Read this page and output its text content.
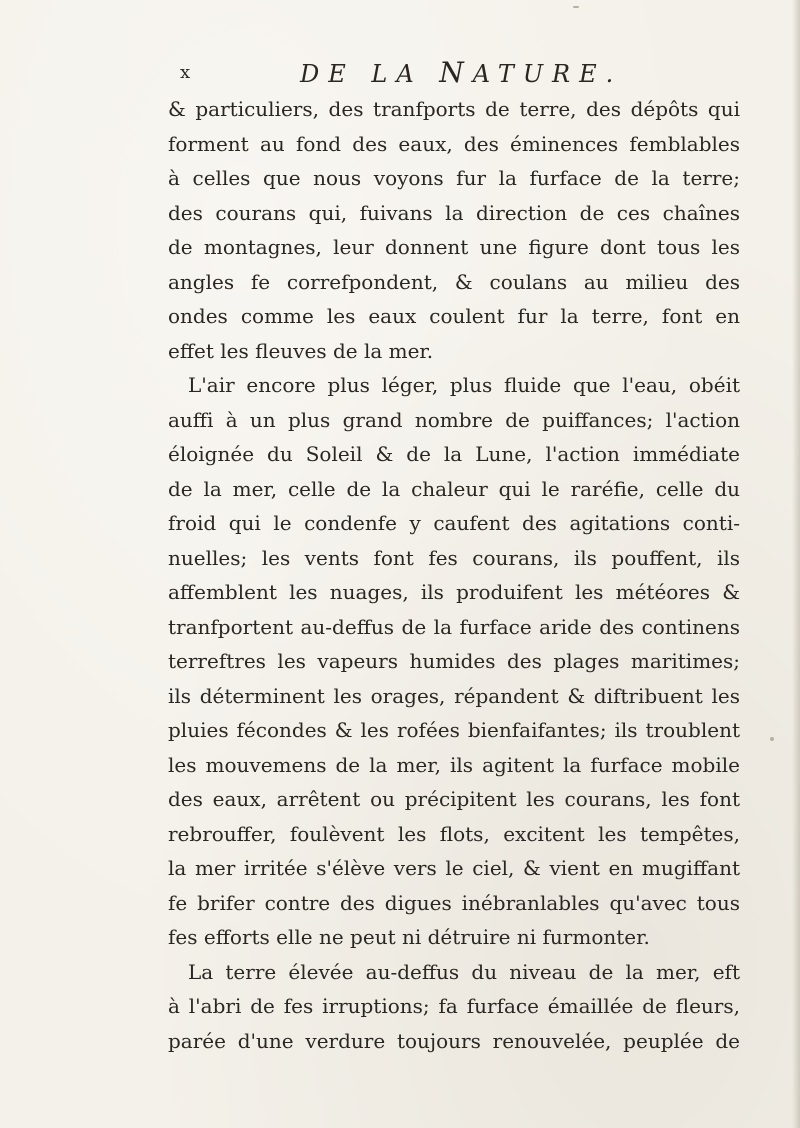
x	DE LA NATURE.
& particuliers, des tranfports de terre, des dépôts qui
forment au fond des eaux, des éminences femblables
à celles que nous voyons fur la furface de la terre;
des courans qui, fuivans la direction de ces chaînes
de montagnes, leur donnent une figure dont tous les
angles fe correfpondent, & coulans au milieu des
ondes comme les eaux coulent fur la terre, font en
effet les fleuves de la mer.
L'air encore plus léger, plus fluide que l'eau, obéit
auffi à un plus grand nombre de puiffances; l'action
éloignée du Soleil & de la Lune, l'action immédiate
de la mer, celle de la chaleur qui le raréfie, celle du
froid qui le condenfe y caufent des agitations conti-
nuelles; les vents font fes courans, ils pouffent, ils
affemblent les nuages, ils produifent les météores &
tranfportent au-deffus de la furface aride des continens
terreftres les vapeurs humides des plages maritimes;
ils déterminent les orages, répandent & diftribuent les
pluies fécondes & les rofées bienfaifantes; ils troublent
les mouvemens de la mer, ils agitent la furface mobile
des eaux, arrêtent ou précipitent les courans, les font
rebrouffer, foulèvent les flots, excitent les tempêtes,
la mer irritée s'élève vers le ciel, & vient en mugiffant
fe brifer contre des digues inébranlables qu'avec tous
fes efforts elle ne peut ni détruire ni furmonter.
La terre élevée au-deffus du niveau de la mer, eft
à l'abri de fes irruptions; fa furface émaillée de fleurs,
parée d'une verdure toujours renouvelée, peuplée de
